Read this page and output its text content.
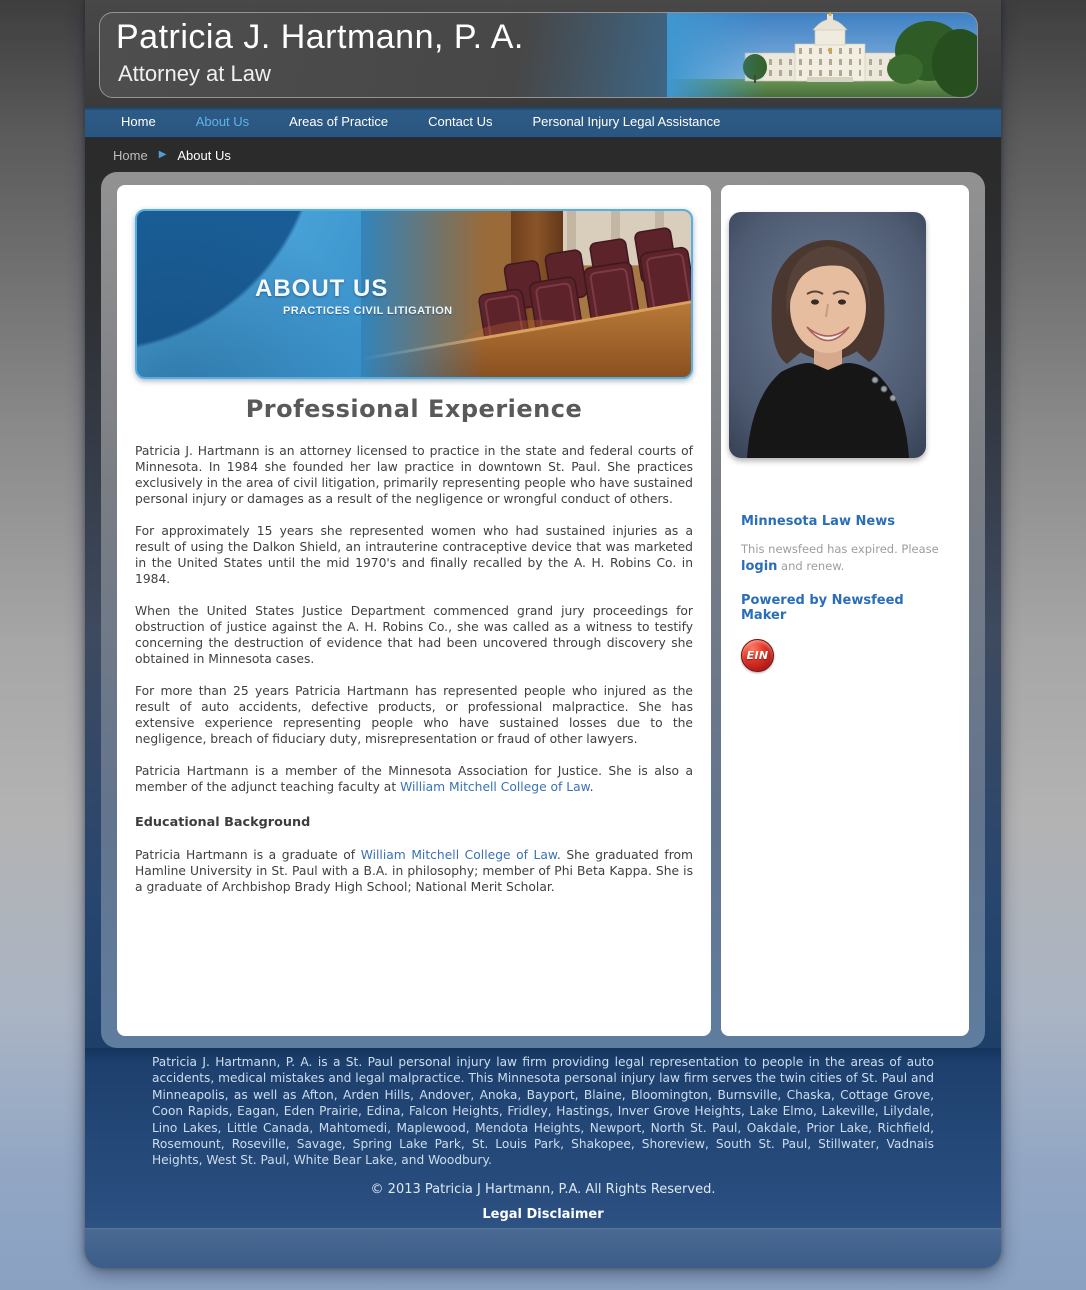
Patricia J. Hartmann, P. A.
Attorney at Law
Home	About Us	Areas of Practice	Contact Us	Personal Injury Legal Assistance
Home ▶ About Us
ABOUT US
PRACTICES CIVIL LITIGATION
Professional Experience

Patricia J. Hartmann is an attorney licensed to practice in the state and federal courts of Minnesota. In 1984 she founded her law practice in downtown St. Paul. She practices exclusively in the area of civil litigation, primarily representing people who have sustained personal injury or damages as a result of the negligence or wrongful conduct of others.

For approximately 15 years she represented women who had sustained injuries as a result of using the Dalkon Shield, an intrauterine contraceptive device that was marketed in the United States until the mid 1970's and finally recalled by the A. H. Robins Co. in 1984.

When the United States Justice Department commenced grand jury proceedings for obstruction of justice against the A. H. Robins Co., she was called as a witness to testify concerning the destruction of evidence that had been uncovered through discovery she obtained in Minnesota cases.

For more than 25 years Patricia Hartmann has represented people who injured as the result of auto accidents, defective products, or professional malpractice. She has extensive experience representing people who have sustained losses due to the negligence, breach of fiduciary duty, misrepresentation or fraud of other lawyers.

Patricia Hartmann is a member of the Minnesota Association for Justice. She is also a member of the adjunct teaching faculty at William Mitchell College of Law.

Educational Background

Patricia Hartmann is a graduate of William Mitchell College of Law. She graduated from Hamline University in St. Paul with a B.A. in philosophy; member of Phi Beta Kappa. She is a graduate of Archbishop Brady High School; National Merit Scholar.

Minnesota Law News
This newsfeed has expired. Please
login and renew.
Powered by Newsfeed Maker
EIN

Patricia J. Hartmann, P. A. is a St. Paul personal injury law firm providing legal representation to people in the areas of auto accidents, medical mistakes and legal malpractice. This Minnesota personal injury law firm serves the twin cities of St. Paul and Minneapolis, as well as Afton, Arden Hills, Andover, Anoka, Bayport, Blaine, Bloomington, Burnsville, Chaska, Cottage Grove, Coon Rapids, Eagan, Eden Prairie, Edina, Falcon Heights, Fridley, Hastings, Inver Grove Heights, Lake Elmo, Lakeville, Lilydale, Lino Lakes, Little Canada, Mahtomedi, Maplewood, Mendota Heights, Newport, North St. Paul, Oakdale, Prior Lake, Richfield, Rosemount, Roseville, Savage, Spring Lake Park, St. Louis Park, Shakopee, Shoreview, South St. Paul, Stillwater, Vadnais Heights, West St. Paul, White Bear Lake, and Woodbury.

© 2013 Patricia J Hartmann, P.A. All Rights Reserved.

Legal Disclaimer
